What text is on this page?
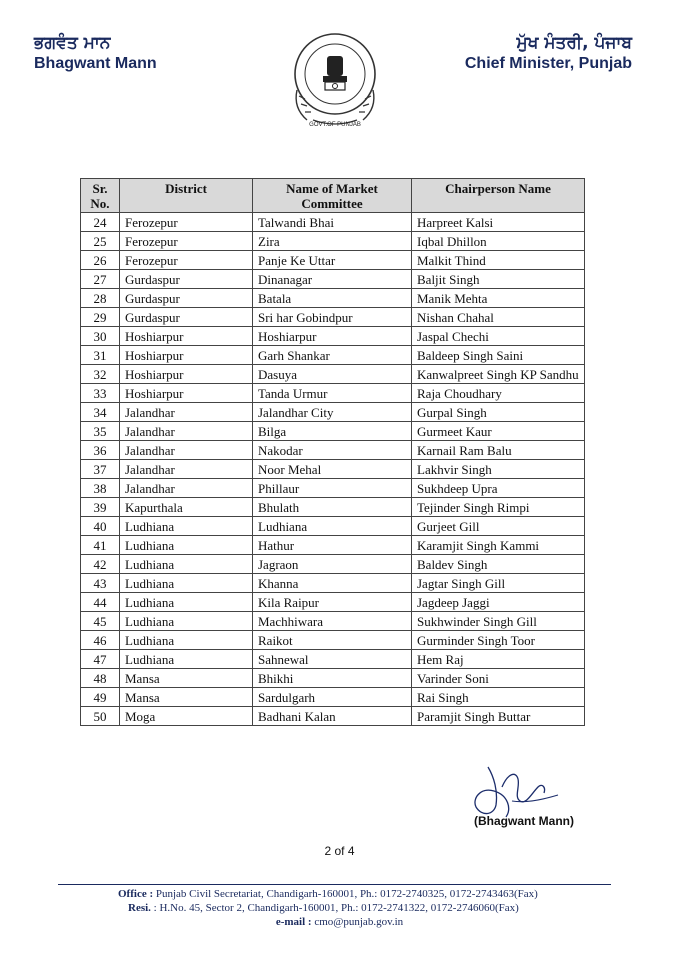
ਭਗਵੰਤ ਮਾਨ
Bhagwant Mann
GOVT.OF PUNJAB
ਮੁੱਖ ਮੰਤਰੀ, ਪੰਜਾਬ
Chief Minister, Punjab
Sr. No.	District	Name of Market Committee	Chairperson Name
24	Ferozepur	Talwandi Bhai	Harpreet Kalsi
25	Ferozepur	Zira	Iqbal Dhillon
26	Ferozepur	Panje Ke Uttar	Malkit Thind
27	Gurdaspur	Dinanagar	Baljit Singh
28	Gurdaspur	Batala	Manik Mehta
29	Gurdaspur	Sri har Gobindpur	Nishan Chahal
30	Hoshiarpur	Hoshiarpur	Jaspal Chechi
31	Hoshiarpur	Garh Shankar	Baldeep Singh Saini
32	Hoshiarpur	Dasuya	Kanwalpreet Singh KP Sandhu
33	Hoshiarpur	Tanda Urmur	Raja Choudhary
34	Jalandhar	Jalandhar City	Gurpal Singh
35	Jalandhar	Bilga	Gurmeet Kaur
36	Jalandhar	Nakodar	Karnail Ram Balu
37	Jalandhar	Noor Mehal	Lakhvir Singh
38	Jalandhar	Phillaur	Sukhdeep Upra
39	Kapurthala	Bhulath	Tejinder Singh Rimpi
40	Ludhiana	Ludhiana	Gurjeet Gill
41	Ludhiana	Hathur	Karamjit Singh Kammi
42	Ludhiana	Jagraon	Baldev Singh
43	Ludhiana	Khanna	Jagtar Singh Gill
44	Ludhiana	Kila Raipur	Jagdeep Jaggi
45	Ludhiana	Machhiwara	Sukhwinder Singh Gill
46	Ludhiana	Raikot	Gurminder Singh Toor
47	Ludhiana	Sahnewal	Hem Raj
48	Mansa	Bhikhi	Varinder Soni
49	Mansa	Sardulgarh	Rai Singh
50	Moga	Badhani Kalan	Paramjit Singh Buttar
(Bhagwant Mann)
2 of 4
Office : Punjab Civil Secretariat, Chandigarh-160001, Ph.: 0172-2740325, 0172-2743463(Fax)
Resi. : H.No. 45, Sector 2, Chandigarh-160001, Ph.: 0172-2741322, 0172-2746060(Fax)
e-mail : cmo@punjab.gov.in
